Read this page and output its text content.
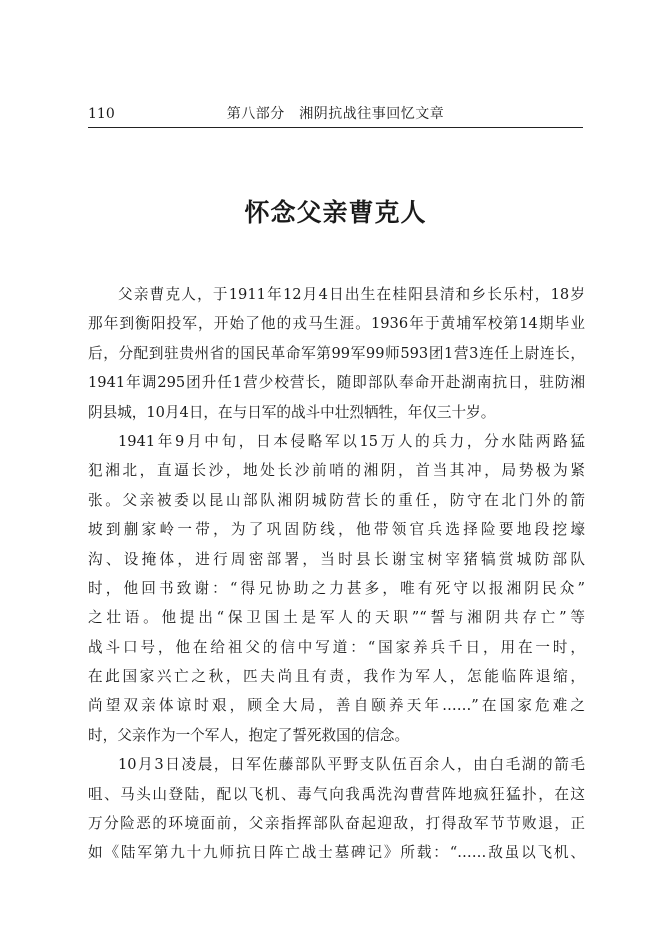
110	第八部分　湘阴抗战往事回忆文章
怀念父亲曹克人
父亲曹克人，于1911年12月4日出生在桂阳县清和乡长乐村，18岁
那年到衡阳投军，开始了他的戎马生涯。1936年于黄埔军校第14期毕业
后，分配到驻贵州省的国民革命军第99军99师593团1营3连任上尉连长，
1941年调295团升任1营少校营长，随即部队奉命开赴湖南抗日，驻防湘
阴县城，10月4日，在与日军的战斗中壮烈牺牲，年仅三十岁。
1941年9月中旬，日本侵略军以15万人的兵力，分水陆两路猛
犯湘北，直逼长沙，地处长沙前哨的湘阴，首当其冲，局势极为紧
张。父亲被委以昆山部队湘阴城防营长的重任，防守在北门外的箭
坡到蒯家岭一带，为了巩固防线，他带领官兵选择险要地段挖壕
沟、设掩体，进行周密部署，当时县长谢宝树宰猪犒赏城防部队
时，他回书致谢：“得兄协助之力甚多，唯有死守以报湘阴民众”
之壮语。他提出“保卫国土是军人的天职”“誓与湘阴共存亡”等
战斗口号，他在给祖父的信中写道：“国家养兵千日，用在一时，
在此国家兴亡之秋，匹夫尚且有责，我作为军人，怎能临阵退缩，
尚望双亲体谅时艰，顾全大局，善自颐养天年……”在国家危难之
时，父亲作为一个军人，抱定了誓死救国的信念。
10月3日凌晨，日军佐藤部队平野支队伍百余人，由白毛湖的箭毛
咀、马头山登陆，配以飞机、毒气向我禹洗沟曹营阵地疯狂猛扑，在这
万分险恶的环境面前，父亲指挥部队奋起迎敌，打得敌军节节败退，正
如《陆军第九十九师抗日阵亡战士墓碑记》所载：“……敌虽以飞机、
